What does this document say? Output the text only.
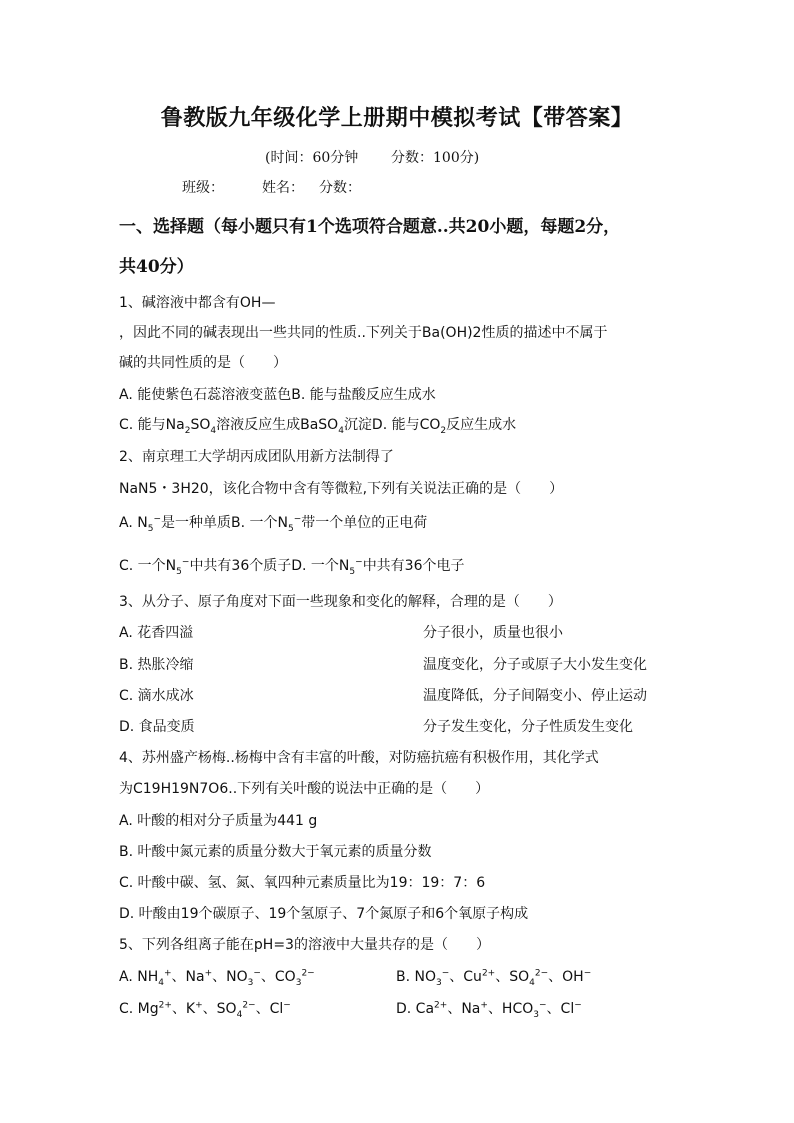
鲁教版九年级化学上册期中模拟考试【带答案】
(时间：60分钟 分数：100分)
班级：	姓名： 分数：
一、选择题（每小题只有1个选项符合题意..共20小题，每题2分，
共40分）
1、碱溶液中都含有OH—
，因此不同的碱表现出一些共同的性质..下列关于Ba(OH)2性质的描述中不属于
碱的共同性质的是（　　）
A. 能使紫色石蕊溶液变蓝色B. 能与盐酸反应生成水
C. 能与$Na_2SO_4$溶液反应生成BaSO$_4$沉淀D. 能与$CO_2$反应生成水
2、南京理工大学胡丙成团队用新方法制得了
NaN5・3H20，该化合物中含有等微粒,下列有关说法正确的是（　　）
A. $N_5^-$是一种单质B. 一个$N_5^-$带一个单位的正电荷
C. 一个$N_5^-$中共有36个质子D. 一个$N_5^-$中共有36个电子
3、从分子、原子角度对下面一些现象和变化的解释，合理的是（　　）
A. 花香四溢	分子很小，质量也很小
B. 热胀冷缩	温度变化，分子或原子大小发生变化
C. 滴水成冰	温度降低，分子间隔变小、停止运动
D. 食品变质	分子发生变化，分子性质发生变化
4、苏州盛产杨梅..杨梅中含有丰富的叶酸，对防癌抗癌有积极作用，其化学式
为C19H19N7O6..下列有关叶酸的说法中正确的是（　　）
A. 叶酸的相对分子质量为441 g
B. 叶酸中氮元素的质量分数大于氧元素的质量分数
C. 叶酸中碳、氢、氮、氧四种元素质量比为19：19：7：6
D. 叶酸由19个碳原子、19个氢原子、7个氮原子和6个氧原子构成
5、下列各组离子能在pH=3的溶液中大量共存的是（　　）
A. $NH_4^+$、Na+、$NO_3^-$、$CO_3^{2-}$	B. $NO_3^-$、$Cu^{2+}$、$SO_4^{2-}$、OH−
C. $Mg^{2+}$、K+、$SO_4^{2-}$、Cl−	D. $Ca^{2+}$、Na+、$HCO_3^-$、Cl−
